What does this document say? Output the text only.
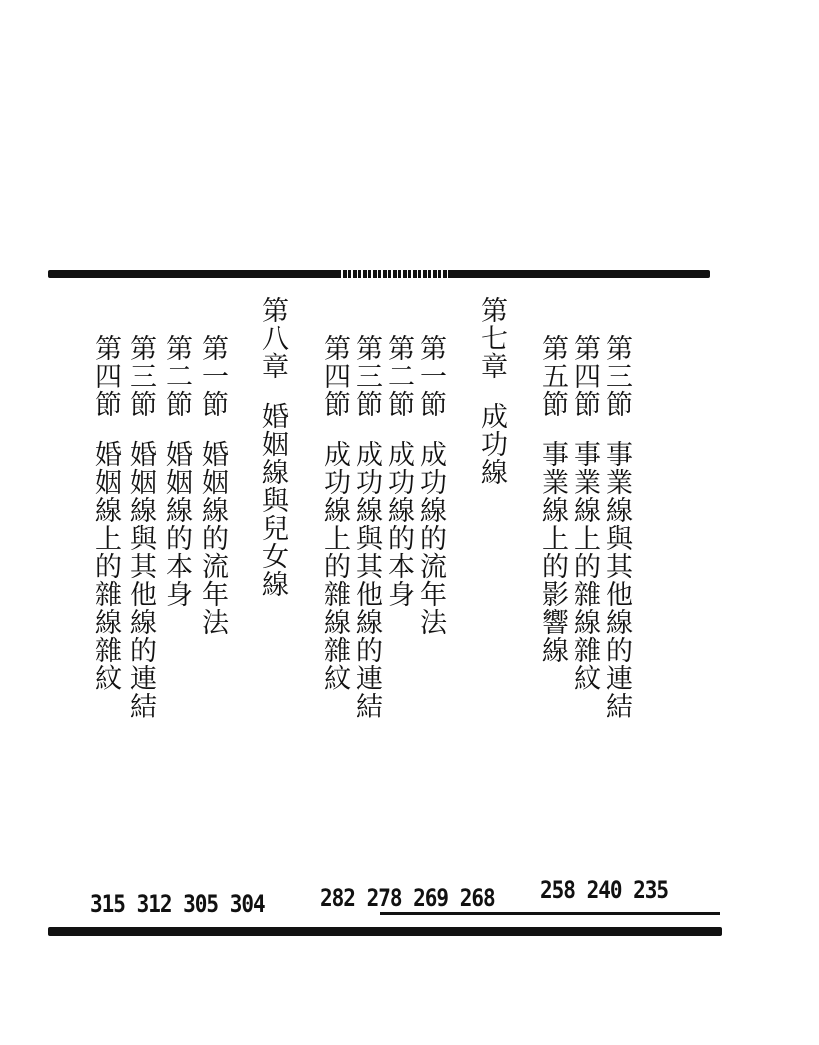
第三節事業線與其他線的連結

第四節事業線上的雜線雜紋

第五節事業線上的影響線

第七章成功線

第一節成功線的流年法

第二節成功線的本身

第三節成功線與其他線的連結

第四節成功線上的雜線雜紋

第八章婚姻線與兒女線

第一節婚姻線的流年法

第二節婚姻線的本身

第三節婚姻線與其他線的連結

第四節婚姻線上的雜線雜紋

258 240 235
282 278 269 268
315 312 305 304
